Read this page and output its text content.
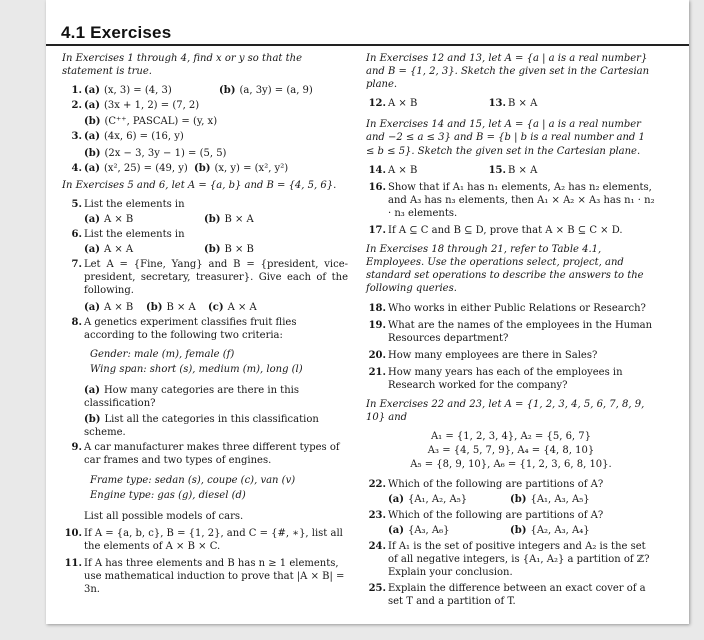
4.1 Exercises
In Exercises 1 through 4, find x or y so that the statement is true.
1. (a) (x, 3) = (4, 3)	(b) (a, 3y) = (a, 9)
2. (a) (3x + 1, 2) = (7, 2)
(b) (C⁺⁺, PASCAL) = (y, x)
3. (a) (4x, 6) = (16, y)
(b) (2x − 3, 3y − 1) = (5, 5)
4. (a) (x², 25) = (49, y) (b) (x, y) = (x², y²)
In Exercises 5 and 6, let A = {a, b} and B = {4, 5, 6}.
5. List the elements in
(a) A × B	(b) B × A
6. List the elements in
(a) A × A	(b) B × B
7. Let A = {Fine, Yang} and B = {president, vice-president, secretary, treasurer}. Give each of the following.
(a) A × B	(b) B × A	(c) A × A
8. A genetics experiment classifies fruit flies according to the following two criteria:
Gender: male (m), female (f)
Wing span: short (s), medium (m), long (l)
(a) How many categories are there in this classification?
(b) List all the categories in this classification scheme.
9. A car manufacturer makes three different types of car frames and two types of engines.
Frame type: sedan (s), coupe (c), van (v)
Engine type: gas (g), diesel (d)
List all possible models of cars.
10. If A = {a, b, c}, B = {1, 2}, and C = {#, ∗}, list all the elements of A × B × C.
11. If A has three elements and B has n ≥ 1 elements, use mathematical induction to prove that |A × B| = 3n.
In Exercises 12 and 13, let A = {a | a is a real number} and B = {1, 2, 3}. Sketch the given set in the Cartesian plane.
12. A × B	13. B × A
In Exercises 14 and 15, let A = {a | a is a real number and −2 ≤ a ≤ 3} and B = {b | b is a real number and 1 ≤ b ≤ 5}. Sketch the given set in the Cartesian plane.
14. A × B	15. B × A
16. Show that if A₁ has n₁ elements, A₂ has n₂ elements, and A₃ has n₃ elements, then A₁ × A₂ × A₃ has n₁ · n₂ · n₃ elements.
17. If A ⊆ C and B ⊆ D, prove that A × B ⊆ C × D.
In Exercises 18 through 21, refer to Table 4.1, Employees. Use the operations select, project, and standard set operations to describe the answers to the following queries.
18. Who works in either Public Relations or Research?
19. What are the names of the employees in the Human Resources department?
20. How many employees are there in Sales?
21. How many years has each of the employees in Research worked for the company?
In Exercises 22 and 23, let A = {1, 2, 3, 4, 5, 6, 7, 8, 9, 10} and
A₁ = {1, 2, 3, 4}, A₂ = {5, 6, 7}
A₃ = {4, 5, 7, 9}, A₄ = {4, 8, 10}
A₅ = {8, 9, 10}, A₆ = {1, 2, 3, 6, 8, 10}.
22. Which of the following are partitions of A?
(a) {A₁, A₂, A₅}	(b) {A₁, A₃, A₅}
23. Which of the following are partitions of A?
(a) {A₃, A₆}	(b) {A₂, A₃, A₄}
24. If A₁ is the set of positive integers and A₂ is the set of all negative integers, is {A₁, A₂} a partition of ℤ? Explain your conclusion.
25. Explain the difference between an exact cover of a set T and a partition of T.
